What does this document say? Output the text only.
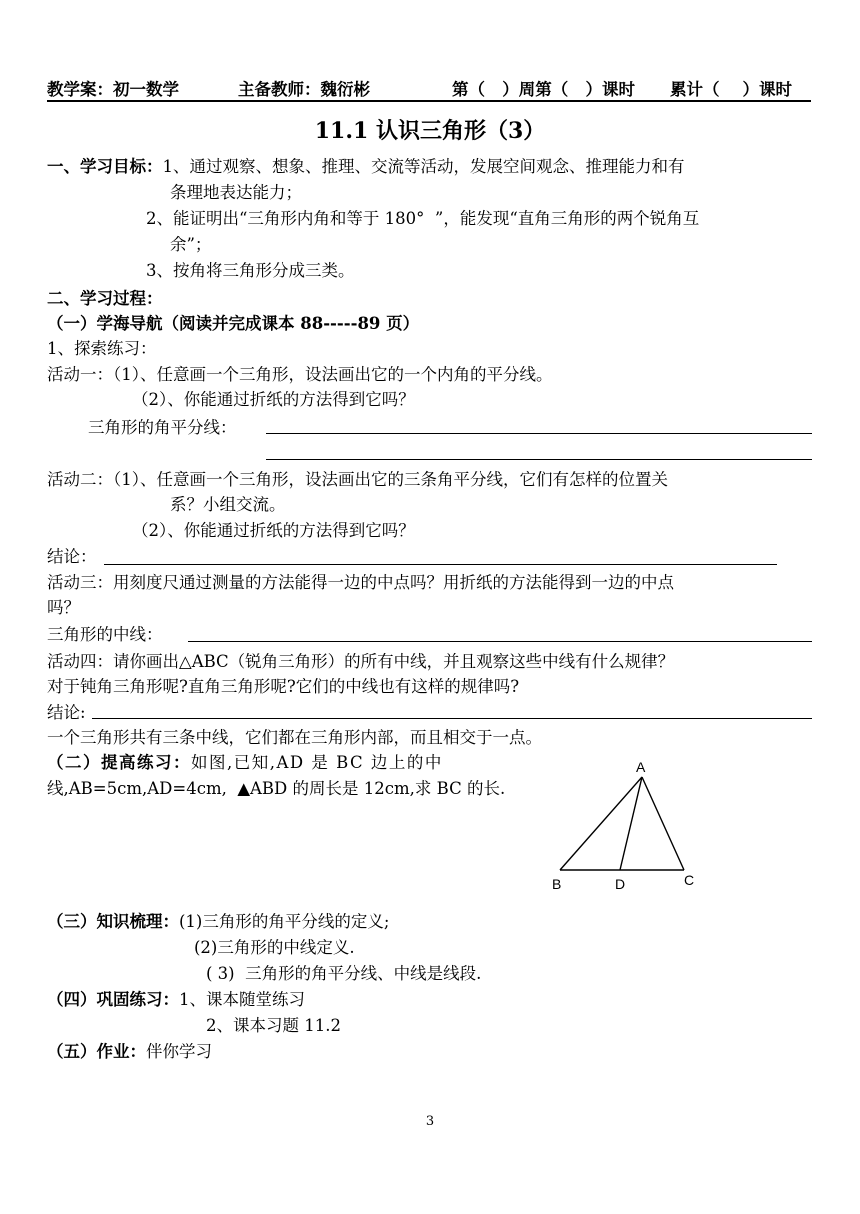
教学案：初一数学	主备教师：魏衍彬	第（   ）周第（   ）课时 累计（    ）课时
11.1 认识三角形（3）
一、学习目标：1、通过观察、想象、推理、交流等活动，发展空间观念、推理能力和有
条理地表达能力；
2、能证明出“三角形内角和等于 180°  ”，能发现“直角三角形的两个锐角互
余”；
3、按角将三角形分成三类。
二、学习过程：
（一）学海导航（阅读并完成课本 88-----89 页）
1、探索练习：
活动一：（1）、任意画一个三角形，设法画出它的一个内角的平分线。
（2）、你能通过折纸的方法得到它吗？
三角形的角平分线：
活动二：（1）、任意画一个三角形，设法画出它的三条角平分线，它们有怎样的位置关
系？小组交流。
（2）、你能通过折纸的方法得到它吗？
结论：
活动三：用刻度尺通过测量的方法能得一边的中点吗？用折纸的方法能得到一边的中点
吗？
三角形的中线：
活动四：请你画出△ABC（锐角三角形）的所有中线，并且观察这些中线有什么规律？
对于钝角三角形呢?直角三角形呢?它们的中线也有这样的规律吗?
结论:
一个三角形共有三条中线，它们都在三角形内部，而且相交于一点。
（二）提高练习：如图,已知,AD 是 BC 边上的中
线,AB=5cm,AD=4cm,  ▲ABD 的周长是 12cm,求 BC 的长.
A
B	D	C
（三）知识梳理：(1)三角形的角平分线的定义;
(2)三角形的中线定义.
( 3)  三角形的角平分线、中线是线段.
（四）巩固练习：1、课本随堂练习
2、课本习题 11.2
（五）作业：伴你学习
3
